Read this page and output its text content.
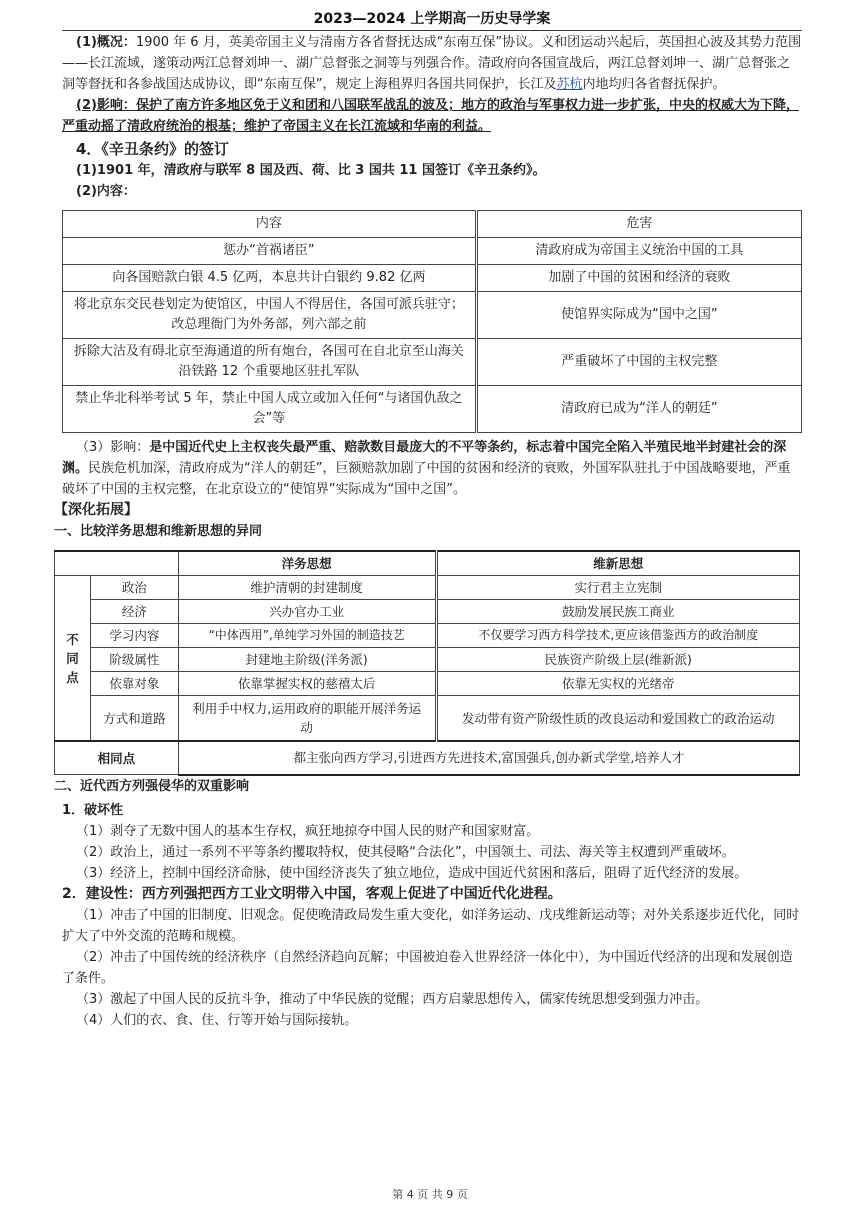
2023—2024 上学期高一历史导学案

(1)概况：1900 年 6 月，英美帝国主义与清南方各省督抚达成“东南互保”协议。义和团运动兴起后，英国担心波及其势力范围——长江流域，遂策动两江总督刘坤一、湖广总督张之洞等与列强合作。清政府向各国宣战后，两江总督刘坤一、湖广总督张之洞等督抚和各参战国达成协议，即“东南互保”，规定上海租界归各国共同保护，长江及苏杭内地均归各省督抚保护。

(2)影响：保护了南方许多地区免于义和团和八国联军战乱的波及；地方的政治与军事权力进一步扩张，中央的权威大为下降，严重动摇了清政府统治的根基；维护了帝国主义在长江流域和华南的利益。

4．《辛丑条约》的签订

(1)1901 年，清政府与联军 8 国及西、荷、比 3 国共 11 国签订《辛丑条约》。

(2)内容：

内容	危害
惩办“首祸诸臣”	清政府成为帝国主义统治中国的工具
向各国赔款白银 4.5 亿两，本息共计白银约 9.82 亿两	加剧了中国的贫困和经济的衰败
将北京东交民巷划定为使馆区，中国人不得居住，各国可派兵驻守；改总理衙门为外务部，列六部之前	使馆界实际成为“国中之国”
拆除大沽及有碍北京至海通道的所有炮台，各国可在自北京至山海关沿铁路 12 个重要地区驻扎军队	严重破坏了中国的主权完整
禁止华北科举考试 5 年，禁止中国人成立或加入任何“与诸国仇敌之会”等	清政府已成为“洋人的朝廷”

（3）影响：是中国近代史上主权丧失最严重、赔款数目最庞大的不平等条约，标志着中国完全陷入半殖民地半封建社会的深渊。民族危机加深，清政府成为“洋人的朝廷”，巨额赔款加剧了中国的贫困和经济的衰败，外国军队驻扎于中国战略要地，严重破坏了中国的主权完整，在北京设立的“使馆界”实际成为“国中之国”。

【深化拓展】

一、比较洋务思想和维新思想的异同

		洋务思想	维新思想
不同点	政治	维护清朝的封建制度	实行君主立宪制
	经济	兴办官办工业	鼓励发展民族工商业
	学习内容	“中体西用”,单纯学习外国的制造技艺	不仅要学习西方科学技术,更应该借鉴西方的政治制度
	阶级属性	封建地主阶级(洋务派)	民族资产阶级上层(维新派)
	依靠对象	依靠掌握实权的慈禧太后	依靠无实权的光绪帝
	方式和道路	利用手中权力,运用政府的职能开展洋务运动	发动带有资产阶级性质的改良运动和爱国救亡的政治运动
相同点		都主张向西方学习,引进西方先进技术,富国强兵,创办新式学堂,培养人才	

二、近代西方列强侵华的双重影响

1．破坏性

（1）剥夺了无数中国人的基本生存权，疯狂地掠夺中国人民的财产和国家财富。

（2）政治上，通过一系列不平等条约攫取特权，使其侵略“合法化”，中国领土、司法、海关等主权遭到严重破坏。

（3）经济上，控制中国经济命脉，使中国经济丧失了独立地位，造成中国近代贫困和落后，阻碍了近代经济的发展。

2．建设性：西方列强把西方工业文明带入中国，客观上促进了中国近代化进程。

（1）冲击了中国的旧制度、旧观念。促使晚清政局发生重大变化，如洋务运动、戊戌维新运动等；对外关系逐步近代化，同时扩大了中外交流的范畴和规模。

（2）冲击了中国传统的经济秩序（自然经济趋向瓦解；中国被迫卷入世界经济一体化中），为中国近代经济的出现和发展创造了条件。

（3）激起了中国人民的反抗斗争，推动了中华民族的觉醒；西方启蒙思想传入，儒家传统思想受到强力冲击。

（4）人们的衣、食、住、行等开始与国际接轨。

第 4 页 共 9 页
